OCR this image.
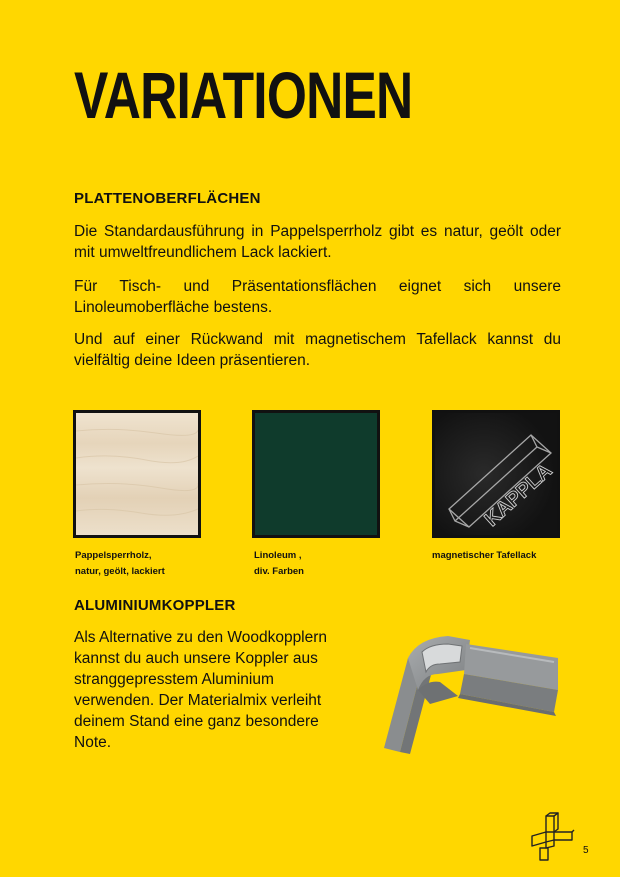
VARIATIONEN
PLATTENOBERFLÄCHEN

Die Standardausführung in Pappelsperrholz gibt es natur, geölt oder mit umweltfreundlichem Lack lackiert.

Für Tisch- und Präsentationsflächen eignet sich unsere Linoleumoberfläche bestens.

Und auf einer Rückwand mit magnetischem Tafellack kannst du vielfältig deine Ideen präsentieren.

KAPPLA
Pappelsperrholz,
natur, geölt, lackiert
Linoleum ,
div. Farben
magnetischer Tafellack
ALUMINIUMKOPPLER

Als Alternative zu den Woodkopplern kannst du auch unsere Koppler aus stranggepresstem Aluminium verwenden. Der Materialmix verleiht deinem Stand eine ganz besondere Note.

5
